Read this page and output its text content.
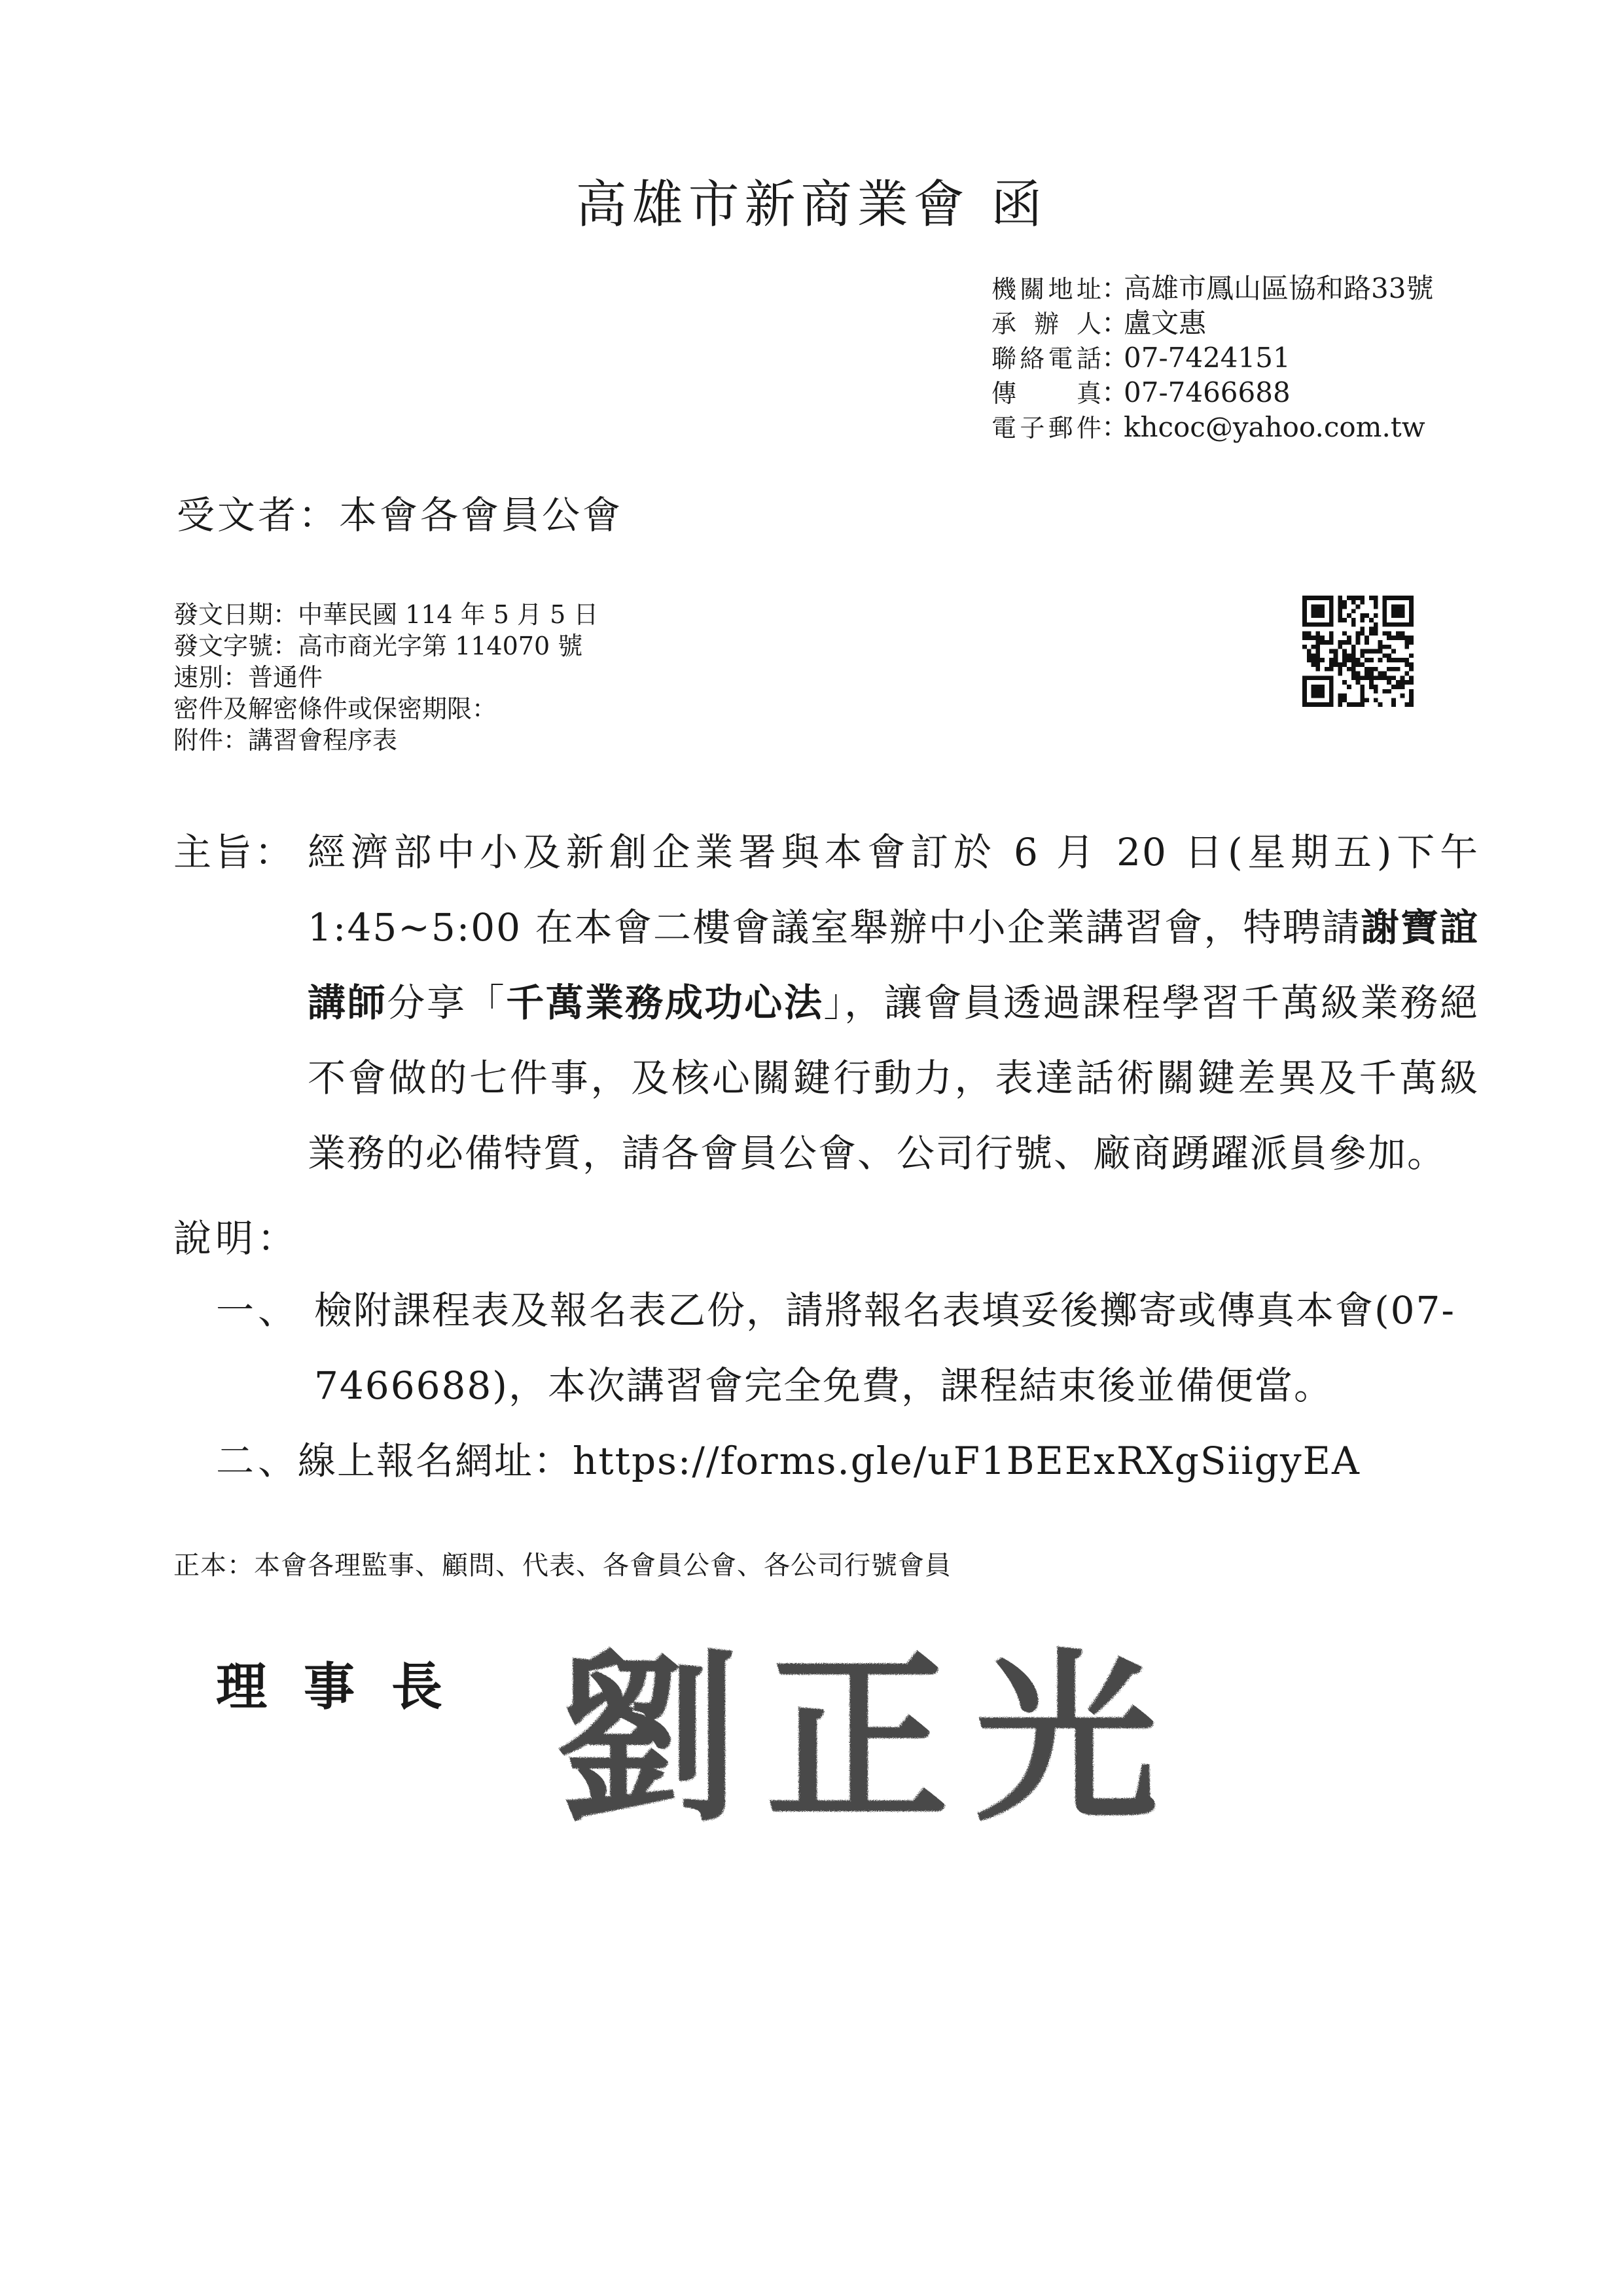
高雄市新商業會 函
機關地址：高雄市鳳山區協和路33號
承辦人：盧文惠
聯絡電話：07-7424151
傳真：07-7466688
電子郵件：khcoc@yahoo.com.tw
受文者：本會各會員公會
發文日期：中華民國 114 年 5 月 5 日
發文字號：高市商光字第 114070 號
速別：普通件
密件及解密條件或保密期限：
附件：講習會程序表
主旨： 經濟部中小及新創企業署與本會訂於 6 月 20 日(星期五)下午 1:45~5:00 在本會二樓會議室舉辦中小企業講習會，特聘請謝寶誼講師分享「千萬業務成功心法」，讓會員透過課程學習千萬級業務絕不會做的七件事，及核心關鍵行動力，表達話術關鍵差異及千萬級業務的必備特質，請各會員公會、公司行號、廠商踴躍派員參加。
說明：
一、 檢附課程表及報名表乙份，請將報名表填妥後擲寄或傳真本會(07-7466688)，本次講習會完全免費，課程結束後並備便當。
二、
線上報名網址：https://forms.gle/uF1BEExRXgSiigyEA
正本：本會各理監事、顧問、代表、各會員公會、各公司行號會員
理事長 劉正光
